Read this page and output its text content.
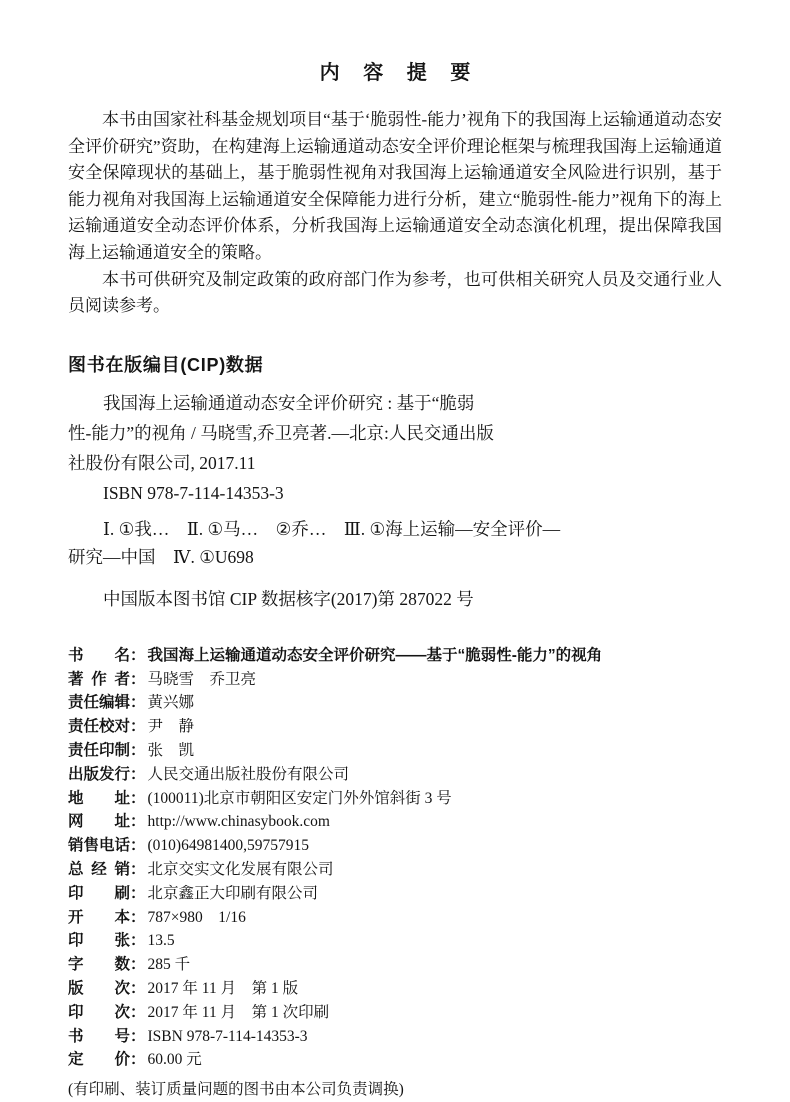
内 容 提 要

本书由国家社科基金规划项目“基于‘脆弱性-能力’视角下的我国海上运输通道动态安全评价研究”资助，在构建海上运输通道动态安全评价理论框架与梳理我国海上运输通道安全保障现状的基础上，基于脆弱性视角对我国海上运输通道安全风险进行识别，基于能力视角对我国海上运输通道安全保障能力进行分析，建立“脆弱性-能力”视角下的海上运输通道安全动态评价体系，分析我国海上运输通道安全动态演化机理，提出保障我国海上运输通道安全的策略。

本书可供研究及制定政策的政府部门作为参考，也可供相关研究人员及交通行业人员阅读参考。

图书在版编目(CIP)数据
　　我国海上运输通道动态安全评价研究 : 基于“脆弱
性-能力”的视角 / 马晓雪,乔卫亮著.—北京:人民交通出版
社股份有限公司, 2017.11
　　ISBN 978-7-114-14353-3
　　Ⅰ. ①我…　Ⅱ. ①马…　②乔…　Ⅲ. ①海上运输—安全评价—
研究—中国　Ⅳ. ①U698
中国版本图书馆 CIP 数据核字(2017)第 287022 号
书名 ： 我国海上运输通道动态安全评价研究——基于“脆弱性-能力”的视角
著作者 ： 马晓雪　乔卫亮
责任编辑 ： 黄兴娜
责任校对 ： 尹　静
责任印制 ： 张　凯
出版发行 ： 人民交通出版社股份有限公司
地址 ： (100011)北京市朝阳区安定门外外馆斜街 3 号
网址 ： http://www.chinasybook.com
销售电话 ： (010)64981400,59757915
总经销 ： 北京交实文化发展有限公司
印刷 ： 北京鑫正大印刷有限公司
开本 ： 787×980　1/16
印张 ： 13.5
字数 ： 285 千
版次 ： 2017 年 11 月　第 1 版
印次 ： 2017 年 11 月　第 1 次印刷
书号 ： ISBN 978-7-114-14353-3
定价 ： 60.00 元
(有印刷、装订质量问题的图书由本公司负责调换)
